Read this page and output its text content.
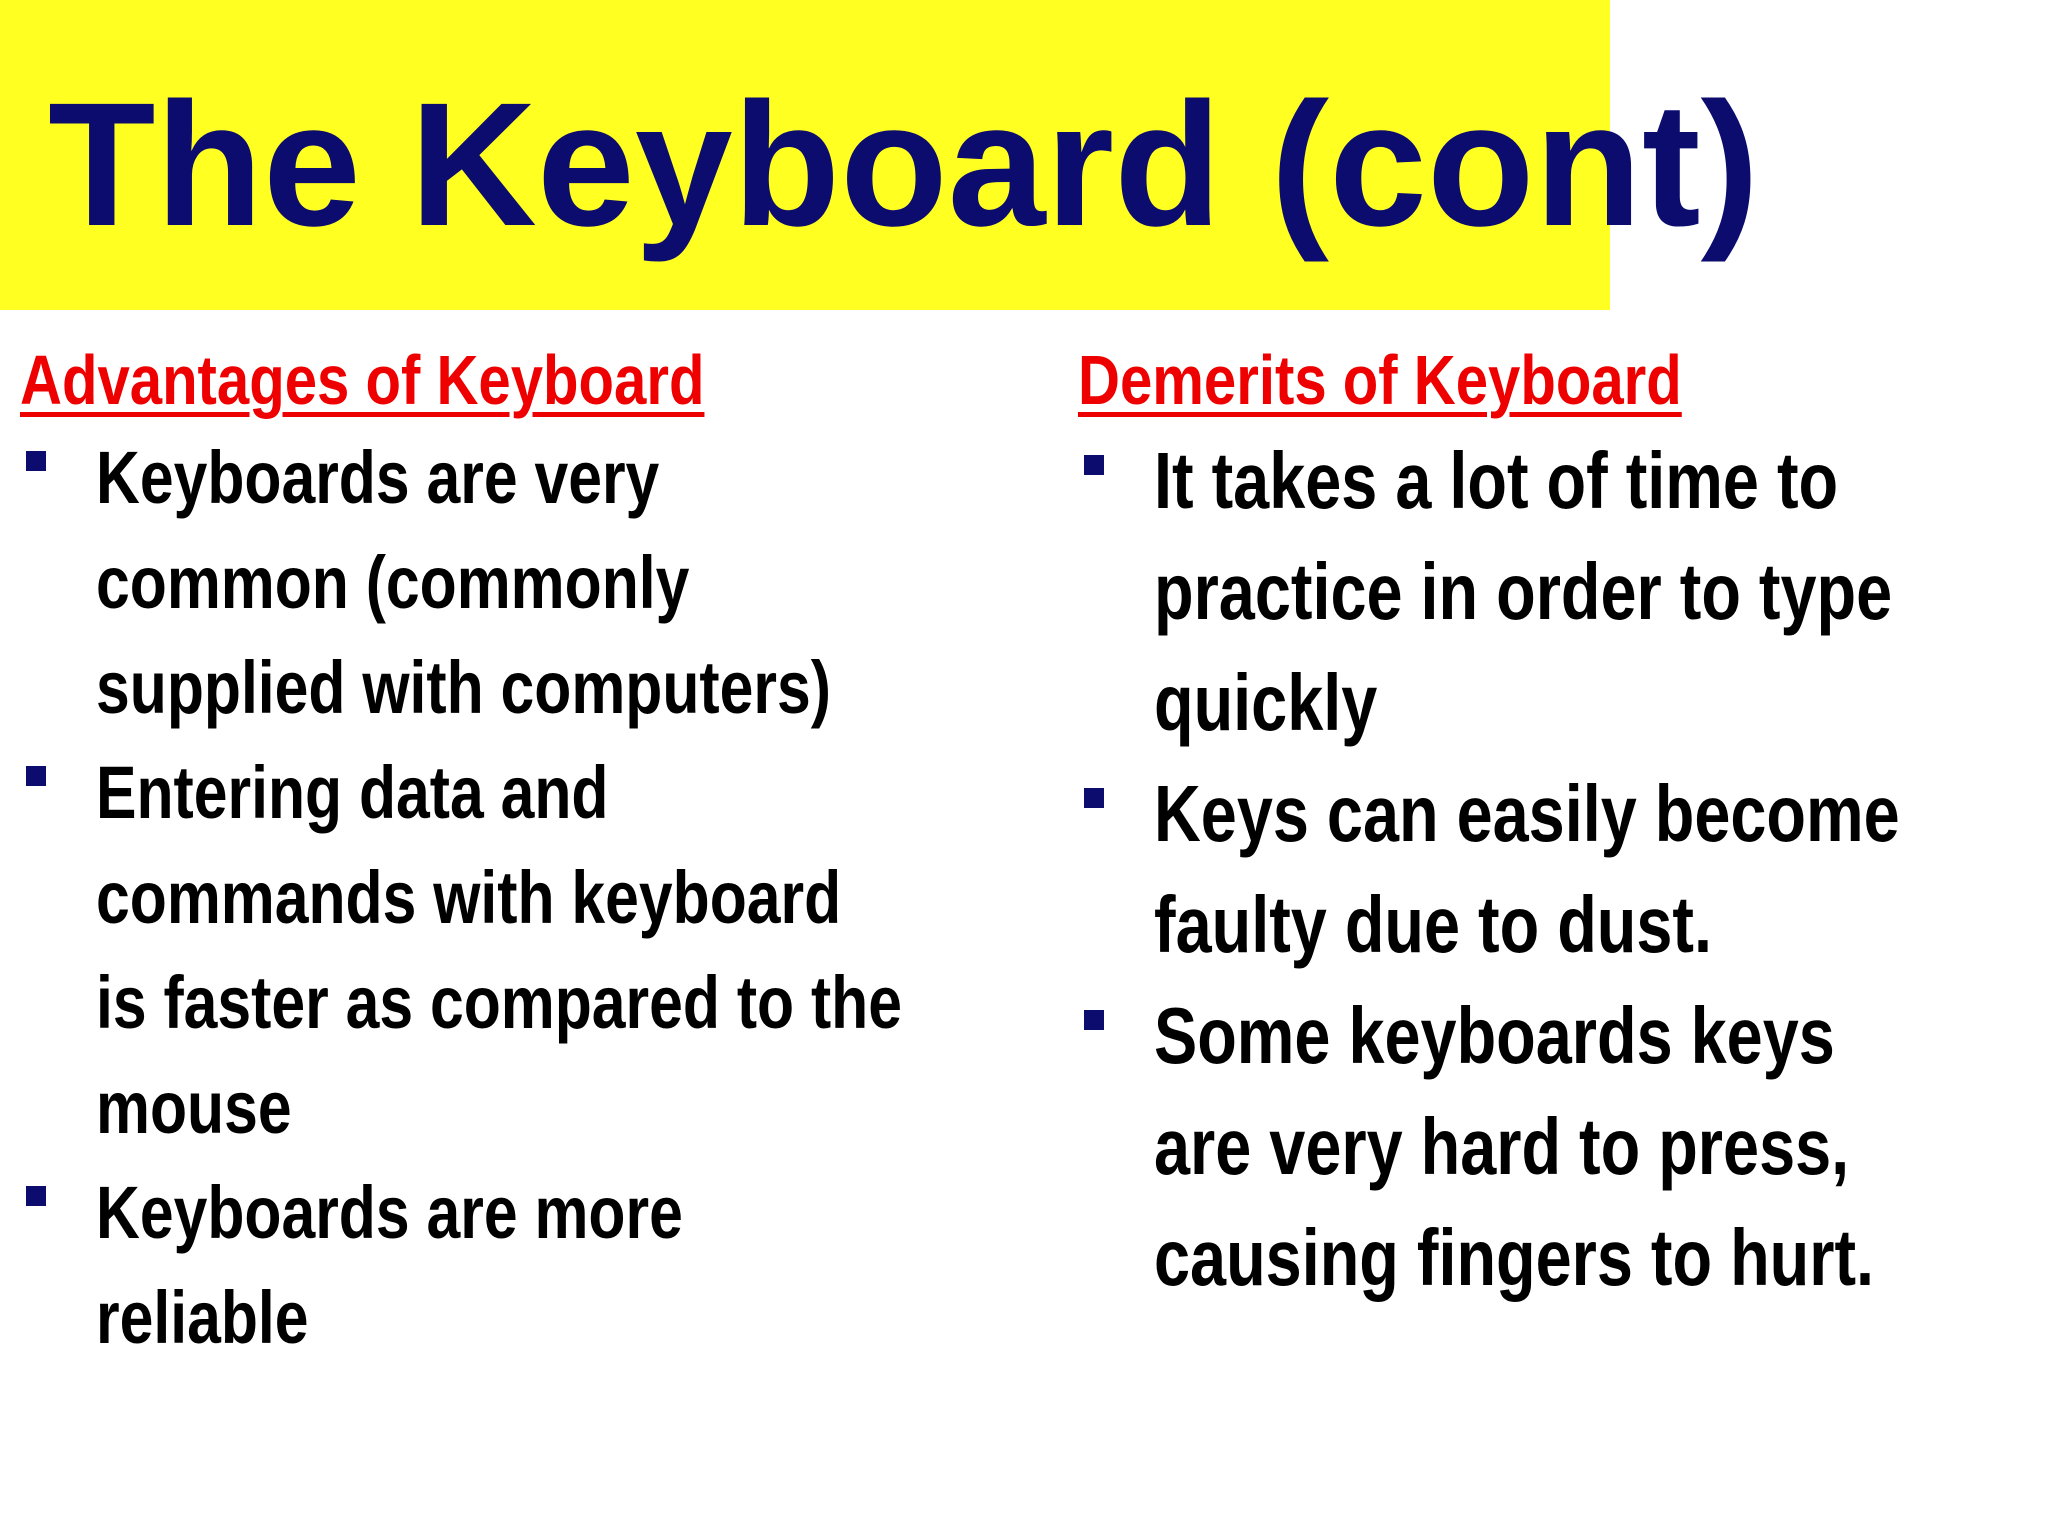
The Keyboard (cont)
Advantages of Keyboard
Keyboards are very
common (commonly
supplied with computers)
Entering data and
commands with keyboard
is faster as compared to the
mouse
Keyboards are more
reliable
Demerits of Keyboard
It takes a lot of time to
practice in order to type
quickly
Keys can easily become
faulty due to dust.
Some keyboards keys
are very hard to press,
causing fingers to hurt.
